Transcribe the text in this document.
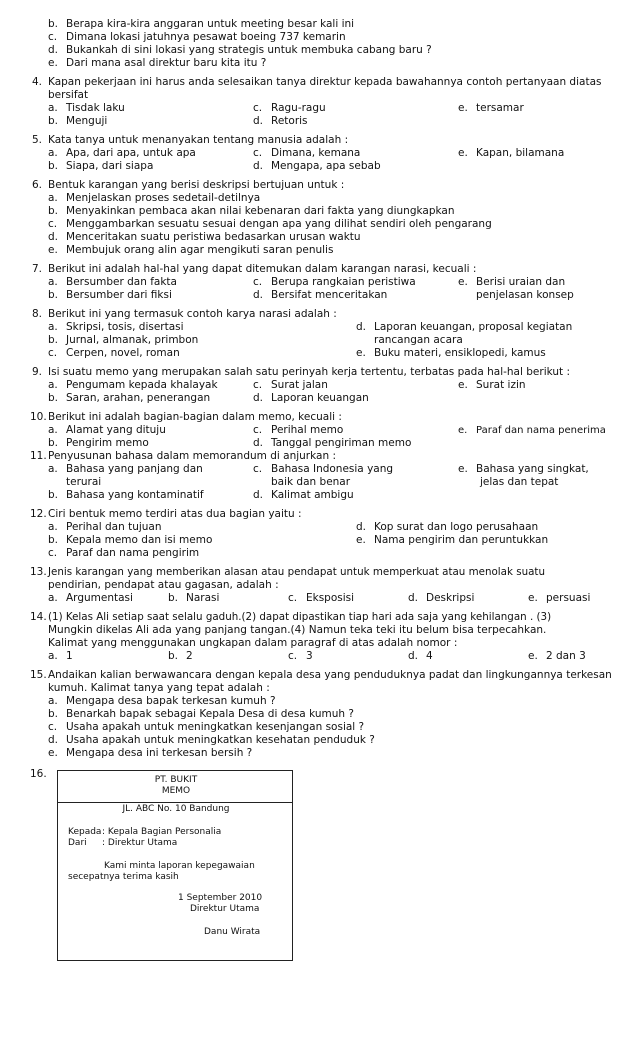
b. Berapa kira-kira anggaran untuk meeting besar kali ini
c. Dimana lokasi jatuhnya pesawat boeing 737 kemarin
d. Bukankah di sini lokasi yang strategis untuk membuka cabang baru ?
e. Dari mana asal direktur baru kita itu ?
4. Kapan pekerjaan ini harus anda selesaikan tanya direktur kepada bawahannya contoh pertanyaan diatas
bersifat
a. Tisdak laku
b. Menguji
c. Ragu-ragu
d. Retoris
e. tersamar
5. Kata tanya untuk menanyakan tentang manusia adalah :
a. Apa, dari apa, untuk apa
b. Siapa, dari siapa
c. Dimana, kemana
d. Mengapa, apa sebab
e. Kapan, bilamana
6. Bentuk karangan yang berisi deskripsi bertujuan untuk :
a. Menjelaskan proses sedetail-detilnya
b. Menyakinkan pembaca akan nilai kebenaran dari fakta yang diungkapkan
c. Menggambarkan sesuatu sesuai dengan apa yang dilihat sendiri oleh pengarang
d. Menceritakan suatu peristiwa bedasarkan urusan waktu
e. Membujuk orang alin agar mengikuti saran penulis
7. Berikut ini adalah hal-hal yang dapat ditemukan dalam karangan narasi, kecuali :
a. Bersumber dan fakta
b. Bersumber dari fiksi
c. Berupa rangkaian peristiwa
d. Bersifat menceritakan
e. Berisi uraian dan
penjelasan konsep
8. Berikut ini yang termasuk contoh karya narasi adalah :
a. Skripsi, tosis, disertasi
b. Jurnal, almanak, primbon
c. Cerpen, novel, roman
d. Laporan keuangan, proposal kegiatan
rancangan acara
e. Buku materi, ensiklopedi, kamus
9. Isi suatu memo yang merupakan salah satu perinyah kerja tertentu, terbatas pada hal-hal berikut :
a. Pengumam kepada khalayak
b. Saran, arahan, penerangan
c. Surat jalan
d. Laporan keuangan
e. Surat izin
10. Berikut ini adalah bagian-bagian dalam memo, kecuali :
a. Alamat yang dituju
b. Pengirim memo
c. Perihal memo
d. Tanggal pengiriman memo
e. Paraf dan nama penerima
11. Penyusunan bahasa dalam memorandum di anjurkan :
a. Bahasa yang panjang dan
terurai
b. Bahasa yang kontaminatif
c. Bahasa Indonesia yang
baik dan benar
d. Kalimat ambigu
e. Bahasa yang singkat,
jelas dan tepat
12. Ciri bentuk memo terdiri atas dua bagian yaitu :
a. Perihal dan tujuan
b. Kepala memo dan isi memo
c. Paraf dan nama pengirim
d. Kop surat dan logo perusahaan
e. Nama pengirim dan peruntukkan
13. Jenis karangan yang memberikan alasan atau pendapat untuk memperkuat atau menolak suatu
pendirian, pendapat atau gagasan, adalah :
a. Argumentasi	b. Narasi	c. Eksposisi	d. Deskripsi	e. persuasi
14. (1) Kelas Ali setiap saat selalu gaduh.(2) dapat dipastikan tiap hari ada saja yang kehilangan . (3)
Mungkin dikelas Ali ada yang panjang tangan.(4) Namun teka teki itu belum bisa terpecahkan.
Kalimat yang menggunakan ungkapan dalam paragraf di atas adalah nomor :
a. 1	b. 2	c. 3	d. 4	e. 2 dan 3
15. Andaikan kalian berwawancara dengan kepala desa yang penduduknya padat dan lingkungannya terkesan
kumuh. Kalimat tanya yang tepat adalah :
a. Mengapa desa bapak terkesan kumuh ?
b. Benarkah bapak sebagai Kepala Desa di desa kumuh ?
c. Usaha apakah untuk meningkatkan kesenjangan sosial ?
d. Usaha apakah untuk meningkatkan kesehatan penduduk ?
e. Mengapa desa ini terkesan bersih ?
16.	PT. BUKIT
MEMO
JL. ABC No. 10 Bandung
Kepada : Kepala Bagian Personalia
Dari : Direktur Utama
Kami minta laporan kepegawaian
secepatnya terima kasih
1 September 2010
Direktur Utama
Danu Wirata
